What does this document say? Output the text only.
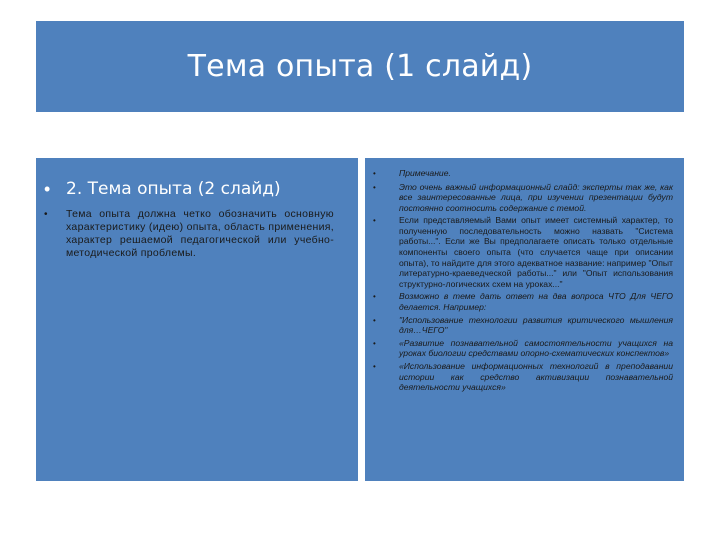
Тема опыта (1 слайд)
• 2. Тема опыта (2 слайд)
•	Тема опыта должна четко обозначить основную характеристику (идею) опыта, область применения, характер решаемой педагогической или учебно-методической проблемы.
•	Примечание.
•	Это очень важный информационный слайд: эксперты так же, как все заинтересованные лица, при изучении презентации будут постоянно соотносить содержание с темой.
•	Если представляемый Вами опыт имеет системный характер, то полученную последовательность можно назвать "Система работы...". Если же Вы предполагаете описать только отдельные компоненты своего опыта (что случается чаще при описании опыта), то найдите для этого адекватное название: например "Опыт литературно-краеведческой работы..." или "Опыт использования структурно-логических схем на уроках..."
•	Возможно в теме дать ответ на два вопроса ЧТО Для ЧЕГО делается. Например:
•	"Использование технологии развития критического мышления для…ЧЕГО"
•	«Развитие познавательной самостоятельности учащихся на уроках биологии средствами опорно-схематических конспектов»
•	«Использование информационных технологий в преподавании истории как средство активизации познавательной деятельности учащихся»
